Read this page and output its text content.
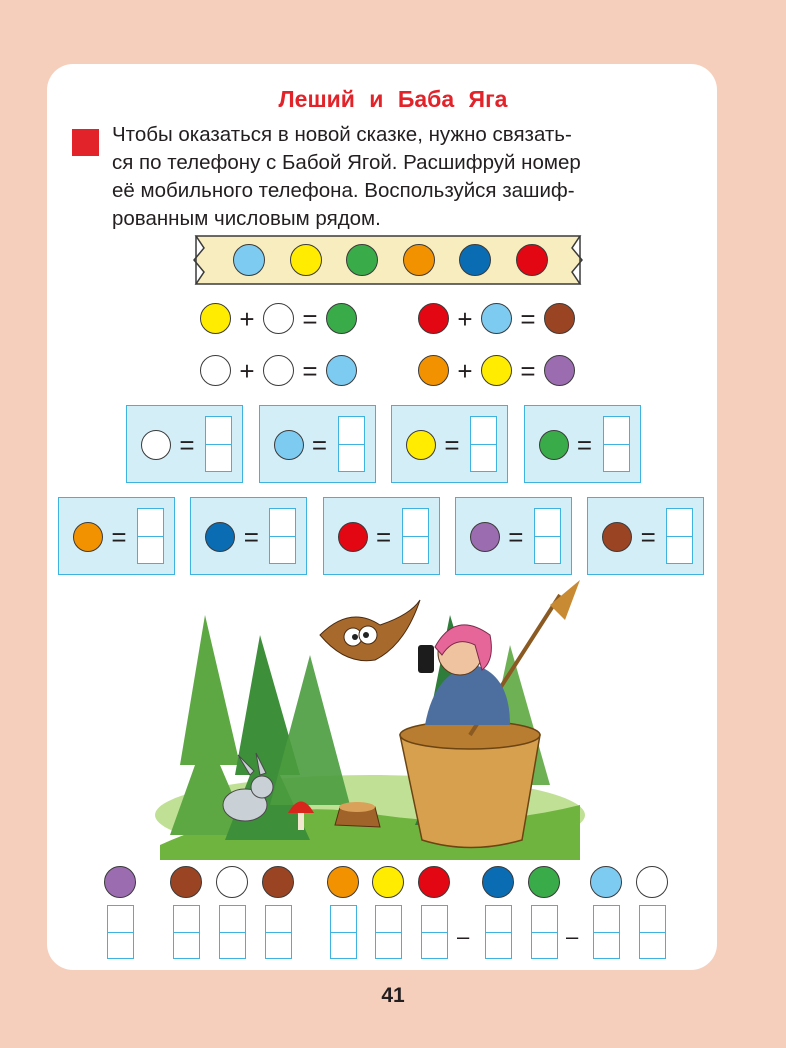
Леший и Баба Яга
Чтобы оказаться в новой сказке, нужно связать-
ся по телефону с Бабой Ягой. Расшифруй номер
её мобильного телефона. Воспользуйся зашиф-
рованным числовым рядом.
+ =	+ =
+ =	+ =
=	=	=	=
=	=	=	=	=
–	–
41
